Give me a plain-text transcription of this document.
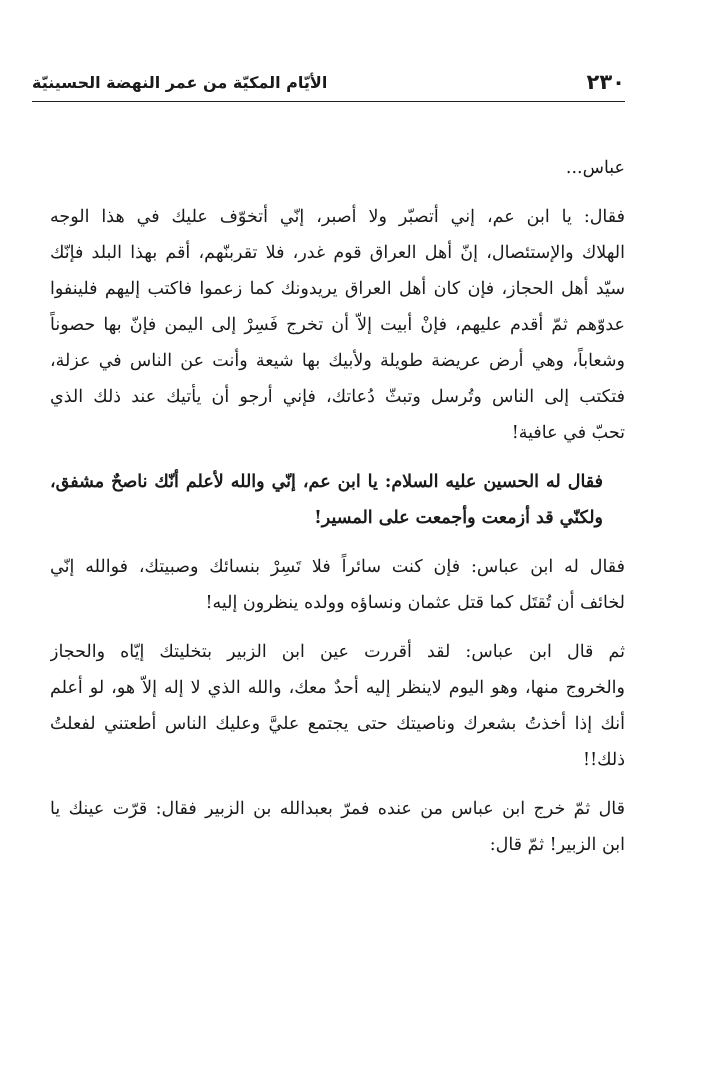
٢٣٠
الأيّام المكيّة من عمر النهضة الحسينيّة
عباس...
فقال: يا ابن عم، إني أتصبّر ولا أصبر، إنّي أتخوّف عليك في هذا الوجه
الهلاك والإستئصال، إنّ أهل العراق قوم غدر، فلا تقربنّهم، أقم بهذا البلد فإنّك
سيّد أهل الحجاز، فإن كان أهل العراق يريدونك كما زعموا فاكتب إليهم فلينفوا
عدوّهم ثمّ أقدم عليهم، فإنْ أبيت إلاّ أن تخرج فَسِرْ إلى اليمن فإنّ بها حصوناً
وشعاباً، وهي أرض عريضة طويلة ولأبيك بها شيعة وأنت عن الناس في عزلة،
فتكتب إلى الناس وتُرسل وتبثّ دُعاتك، فإني أرجو أن يأتيك عند ذلك الذي
تحبّ في عافية!
فقال له الحسين عليه السلام: يا ابن عم، إنّي والله لأعلم أنّك ناصحٌ مشفق،
ولكنّي قد أزمعت وأجمعت على المسير!
فقال له ابن عباس: فإن كنت سائراً فلا تَسِرْ بنسائك وصبيتك، فوالله إنّي
لخائف أن تُقتَل كما قتل عثمان ونساؤه وولده ينظرون إليه!
ثم قال ابن عباس: لقد أقررت عين ابن الزبير بتخليتك إيّاه والحجاز
والخروج منها، وهو اليوم لاينظر إليه أحدٌ معك، والله الذي لا إله إلاّ هو، لو أعلم
أنك إذا أخذتُ بشعرك وناصيتك حتى يجتمع عليَّ وعليك الناس أطعتني لفعلتُ
ذلك!!
قال ثمّ خرج ابن عباس من عنده فمرّ بعبدالله بن الزبير فقال: قرّت عينك يا
ابن الزبير! ثمّ قال:
